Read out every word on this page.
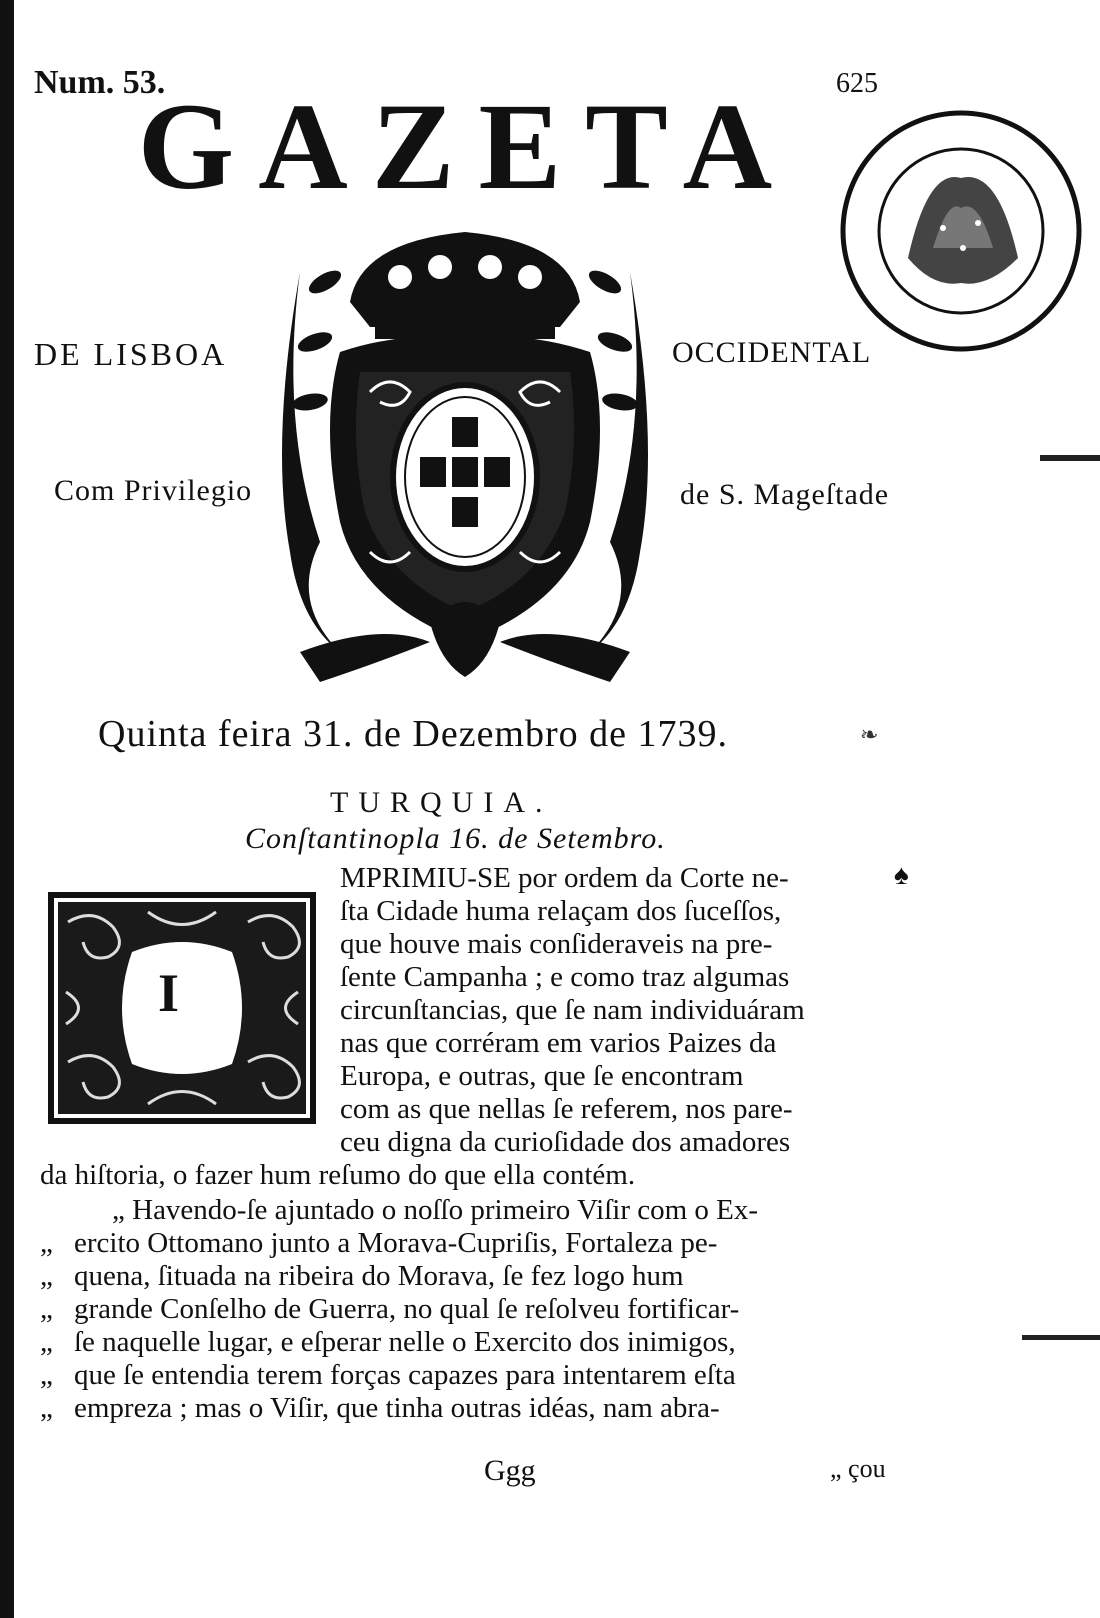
Num. 53.	625
GAZETA
DE LISBOA	OCCIDENTAL
Com Privilegio	de S. Mageſtade
Quinta feira 31. de Dezembro de 1739.	❧
TURQUIA.
Conſtantinopla 16. de Setembro.
♠
I
MPRIMIU-SE por ordem da Corte ne-
ſta Cidade huma relaçam dos ſuceſſos,
que houve mais conſideraveis na pre-
ſente Campanha ; e como traz algumas
circunſtancias, que ſe nam individuáram
nas que corréram em varios Paizes da
Europa, e outras, que ſe encontram
com as que nellas ſe referem, nos pare-
ceu digna da curioſidade dos amadores
da hiſtoria, o fazer hum reſumo do que ella contém.
„ Havendo-ſe ajuntado o noſſo primeiro Viſir com o Ex-
„ ercito Ottomano junto a Morava-Cupriſis, Fortaleza pe-
„ quena, ſituada na ribeira do Morava, ſe fez logo hum
„ grande Conſelho de Guerra, no qual ſe reſolveu fortificar-
„ ſe naquelle lugar, e eſperar nelle o Exercito dos inimigos,
„ que ſe entendia terem forças capazes para intentarem eſta
„ empreza ; mas o Viſir, que tinha outras idéas, nam abra-
Ggg	„ çou
